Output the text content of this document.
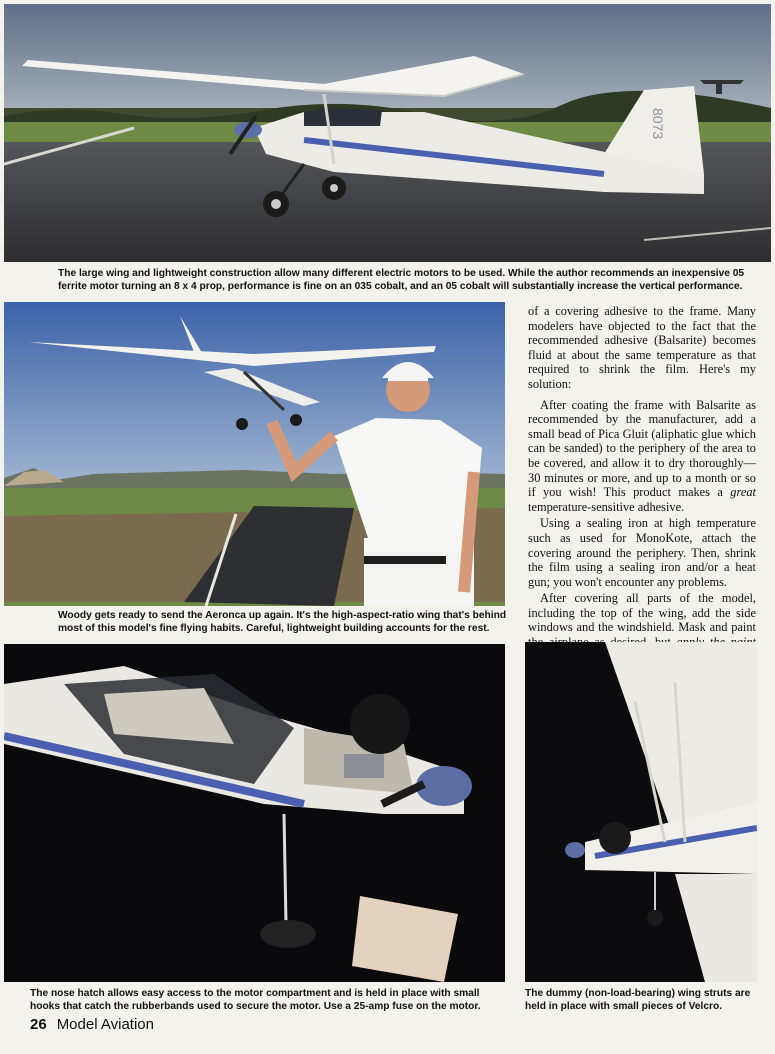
8073

The large wing and lightweight construction allow many different electric motors to be used. While the author recommends an inexpensive 05 ferrite motor turning an 8 x 4 prop, performance is fine on an 035 cobalt, and an 05 cobalt will substantially increase the vertical performance.

Woody gets ready to send the Aeronca up again. It's the high-aspect-ratio wing that's behind most of this model's fine flying habits. Careful, lightweight building accounts for the rest.

of a covering adhesive to the frame. Many modelers have objected to the fact that the recommended adhesive (Balsarite) becomes fluid at about the same temperature as that required to shrink the film. Here's my solution:

After coating the frame with Balsarite as recommended by the manufacturer, add a small bead of Pica Gluit (aliphatic glue which can be sanded) to the periphery of the area to be covered, and allow it to dry thoroughly—30 minutes or more, and up to a month or so if you wish! This product makes a great temperature-sensitive adhesive.

Using a sealing iron at high temperature such as used for MonoKote, attach the covering around the periphery. Then, shrink the film using a sealing iron and/or a heat gun; you won't encounter any problems.

After covering all parts of the model, including the top of the wing, add the side windows and the windshield. Mask and paint

The nose hatch allows easy access to the motor compartment and is held in place with small hooks that catch the rubberbands used to secure the motor. Use a 25-amp fuse on the motor.

The dummy (non-load-bearing) wing struts are held in place with small pieces of Velcro.

26 Model Aviation
